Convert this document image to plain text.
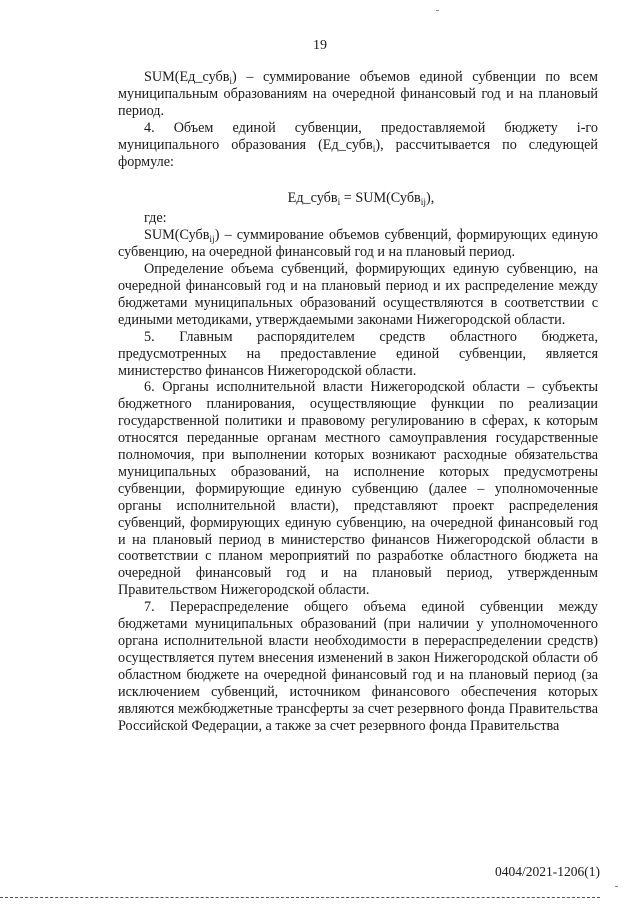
19

SUM(Ед_субв$_i$) – суммирование объемов единой субвенции по всем муниципальным образованиям на очередной финансовый год и на плановый период.

4. Объем единой субвенции, предоставляемой бюджету i-го муниципального образования (Ед_субв$_i$), рассчитывается по следующей формуле:

Ед_субв$_i$ = SUM(Субв$_{ij}$),

где:

SUM(Субв$_{ij}$) – суммирование объемов субвенций, формирующих единую субвенцию, на очередной финансовый год и на плановый период.

Определение объема субвенций, формирующих единую субвенцию, на очередной финансовый год и на плановый период и их распределение между бюджетами муниципальных образований осуществляются в соответствии с едиными методиками, утверждаемыми законами Нижегородской области.

5. Главным распорядителем средств областного бюджета, предусмотренных на предоставление единой субвенции, является министерство финансов Нижегородской области.

6. Органы исполнительной власти Нижегородской области – субъекты бюджетного планирования, осуществляющие функции по реализации государственной политики и правовому регулированию в сферах, к которым относятся переданные органам местного самоуправления государственные полномочия, при выполнении которых возникают расходные обязательства муниципальных образований, на исполнение которых предусмотрены субвенции, формирующие единую субвенцию (далее – уполномоченные органы исполнительной власти), представляют проект распределения субвенций, формирующих единую субвенцию, на очередной финансовый год и на плановый период в министерство финансов Нижегородской области в соответствии с планом мероприятий по разработке областного бюджета на очередной финансовый год и на плановый период, утвержденным Правительством Нижегородской области.

7. Перераспределение общего объема единой субвенции между бюджетами муниципальных образований (при наличии у уполномоченного органа исполнительной власти необходимости в перераспределении средств) осуществляется путем внесения изменений в закон Нижегородской области об областном бюджете на очередной финансовый год и на плановый период (за исключением субвенций, источником финансового обеспечения которых являются межбюджетные трансферты за счет резервного фонда Правительства Российской Федерации, а также за счет резервного фонда Правительства

0404/2021-1206(1)
